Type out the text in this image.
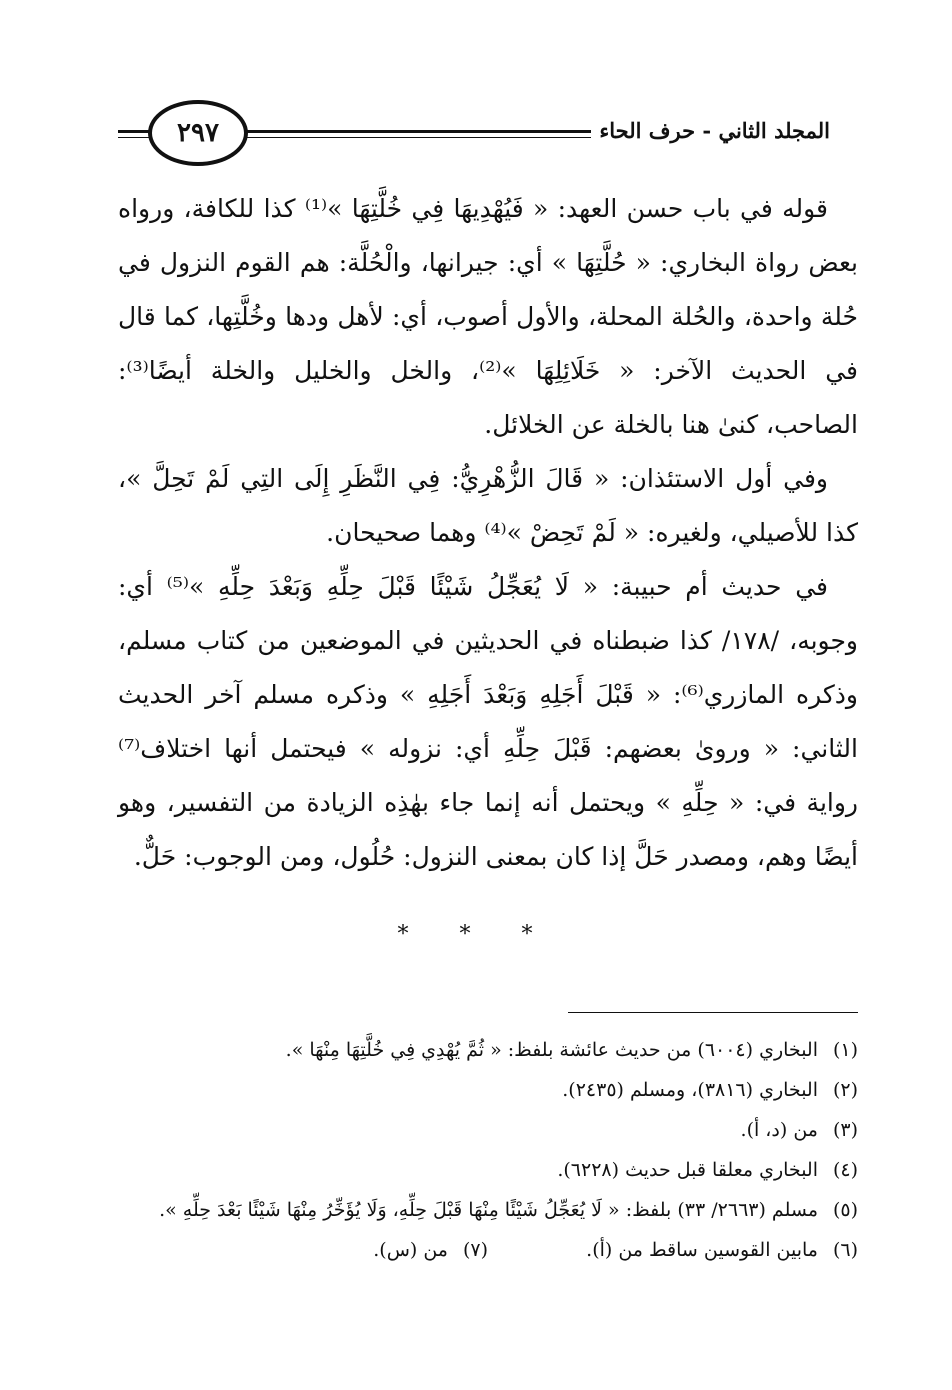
٢٩٧	المجلد الثاني - حرف الحاء

قوله في باب حسن العهد: « فَيُهْدِيهَا فِي خُلَّتِهَا »⁽¹⁾ كذا للكافة، ورواه بعض رواة البخاري: « حُلَّتِهَا » أي: جيرانها، والْحُلَّة: هم القوم النزول في حُلة واحدة، والحُلة المحلة، والأول أصوب، أي: لأهل ودها وخُلَّتِها، كما قال في الحديث الآخر: « خَلَائِلِهَا »⁽²⁾، والخل والخليل والخلة أيضًا⁽³⁾: الصاحب، كنىٰ هنا بالخلة عن الخلائل.

وفي أول الاستئذان: « قَالَ الزُّهْرِيُّ: فِي النَّظَرِ إِلَى التِي لَمْ تَحِلَّ »، كذا للأصيلي، ولغيره: « لَمْ تَحِضْ »⁽⁴⁾ وهما صحيحان.

في حديث أم حبيبة: « لَا يُعَجِّلُ شَيْئًا قَبْلَ حِلِّهِ وَبَعْدَ حِلِّهِ »⁽⁵⁾ أي: وجوبه، /١٧٨/ كذا ضبطناه في الحديثين في الموضعين من كتاب مسلم، وذكره المازري⁽⁶⁾: « قَبْلَ أَجَلِهِ وَبَعْدَ أَجَلِهِ » وذكره مسلم آخر الحديث الثاني: « ورویٰ بعضهم: قَبْلَ حِلِّهِ أي: نزوله » فيحتمل أنها اختلاف⁽⁷⁾ رواية في: « حِلِّهِ » ويحتمل أنه إنما جاء بهٰذِه الزيادة من التفسير، وهو أيضًا وهم، ومصدر حَلَّ إذا كان بمعنى النزول: حُلُول، ومن الوجوب: حَلٌّ.

* * *
(١)
البخاري (٦٠٠٤) من حديث عائشة بلفظ: « ثُمَّ يُهْدِي فِي خُلَّتِهَا مِنْهَا ».
(٢)
البخاري (٣٨١٦)، ومسلم (٢٤٣٥).
(٣)
من (د، أ).
(٤)
البخاري معلقا قبل حديث (٦٢٢٨).
(٥)
مسلم (٢٦٦٣/ ٣٣) بلفظ: « لَا يُعَجِّلُ شَيْئًا مِنْهَا قَبْلَ حِلِّهِ، وَلَا يُؤَخِّرُ مِنْهَا شَيْئًا بَعْدَ حِلِّهِ ».
(٦)
مابين القوسين ساقط من (أ).
(٧)
من (س).
